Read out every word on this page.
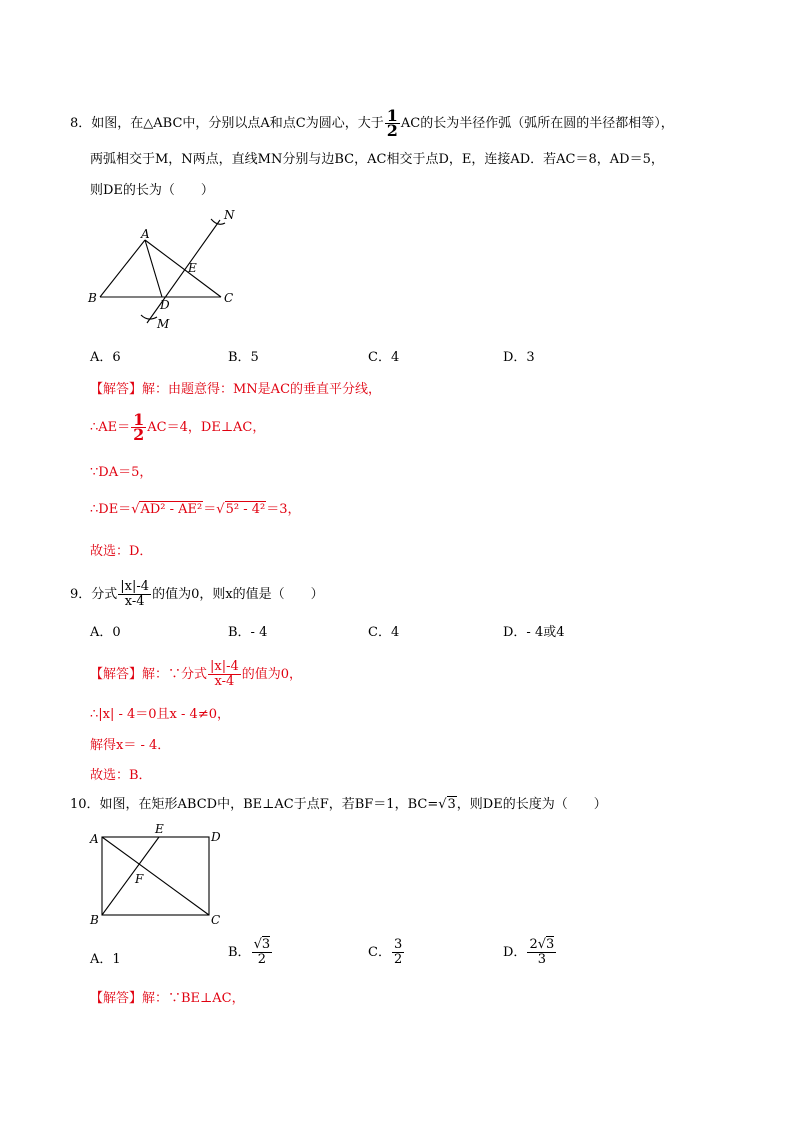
8．如图，在△ABC中，分别以点A和点C为圆心，大于 $\frac{1}{2}$ AC的长为半径作弧（弧所在圆的半径都相等），
两弧相交于M，N两点，直线MN分别与边BC，AC相交于点D，E，连接AD．若AC＝8，AD＝5，
则DE的长为（　　）
A
B	C
D
E
M
N
A．6	B．5	C．4	D．3
【解答】解：由题意得：MN是AC的垂直平分线，
∴AE＝ $\frac{1}{2} AC=4$，DE⊥AC，
∵DA＝5，
∴DE＝√AD² - AE²＝√5² - 4²＝3，
故选：D．
9．分式 $\frac{|x|-4}{x-4}$ 的值为0，则x的值是（　　）
A．0	B．- 4	C．4	D．- 4或4
【解答】解：∵分式 $\frac{|x|-4}{x-4}$ 的值为0，
∴|x| - 4＝0且x - 4≠0，
解得x＝ - 4．
故选：B．
10．如图，在矩形ABCD中，BE⊥AC于点F，若BF＝1，BC=√3，则DE的长度为（　　）
A
B	C
D
E
F
A．1	B． $\frac{√3}{2}$	C． $\frac{3}{2}$	D． $\frac{2√3}{3}$
【解答】解：∵BE⊥AC，
